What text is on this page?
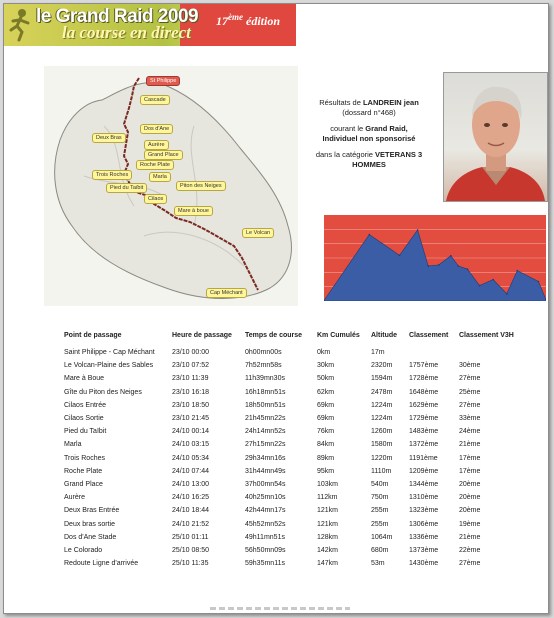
le Grand Raid 2009
la course en direct
17ème édition
St Philippe
Cascade
Dos d'Ane
Deux Bras
Aurère
Grand Place
Roche Plate
Marla
Trois Roches
Piton des Neiges
Pied du Taïbit
Cilaos
Mare à boue
Le Volcan
Cap Méchant

Résultats de LANDREIN jean
(dossard n°468)

courant le Grand Raid,
Individuel non sponsorisé

dans la catégorie VETERANS 3 HOMMES

Point de passage	Heure de passage	Temps de course	Km Cumulés	Altitude	Classement	Classement V3H
Saint Philippe - Cap Méchant	23/10 00:00	0h00mn00s	0km	17m		
Le Volcan-Plaine des Sables	23/10 07:52	7h52mn58s	30km	2320m	1757ème	30ème
Mare à Boue	23/10 11:39	11h39mn30s	50km	1594m	1728ème	27ème
Gîte du Piton des Neiges	23/10 16:18	16h18mn51s	62km	2478m	1648ème	25ème
Cilaos Entrée	23/10 18:50	18h50mn51s	69km	1224m	1629ème	27ème
Cilaos Sortie	23/10 21:45	21h45mn22s	69km	1224m	1729ème	33ème
Pied du Taïbit	24/10 00:14	24h14mn52s	76km	1260m	1483ème	24ème
Marla	24/10 03:15	27h15mn22s	84km	1580m	1372ème	21ème
Trois Roches	24/10 05:34	29h34mn16s	89km	1220m	1191ème	17ème
Roche Plate	24/10 07:44	31h44mn49s	95km	1110m	1209ème	17ème
Grand Place	24/10 13:00	37h00mn54s	103km	540m	1344ème	20ème
Aurère	24/10 16:25	40h25mn10s	112km	750m	1310ème	20ème
Deux Bras Entrée	24/10 18:44	42h44mn17s	121km	255m	1323ème	20ème
Deux bras sortie	24/10 21:52	45h52mn52s	121km	255m	1306ème	19ème
Dos d'Ane Stade	25/10 01:11	49h11mn51s	128km	1064m	1336ème	21ème
Le Colorado	25/10 08:50	56h50mn09s	142km	680m	1373ème	22ème
Redoute Ligne d'arrivée	25/10 11:35	59h35mn11s	147km	53m	1430ème	27ème
